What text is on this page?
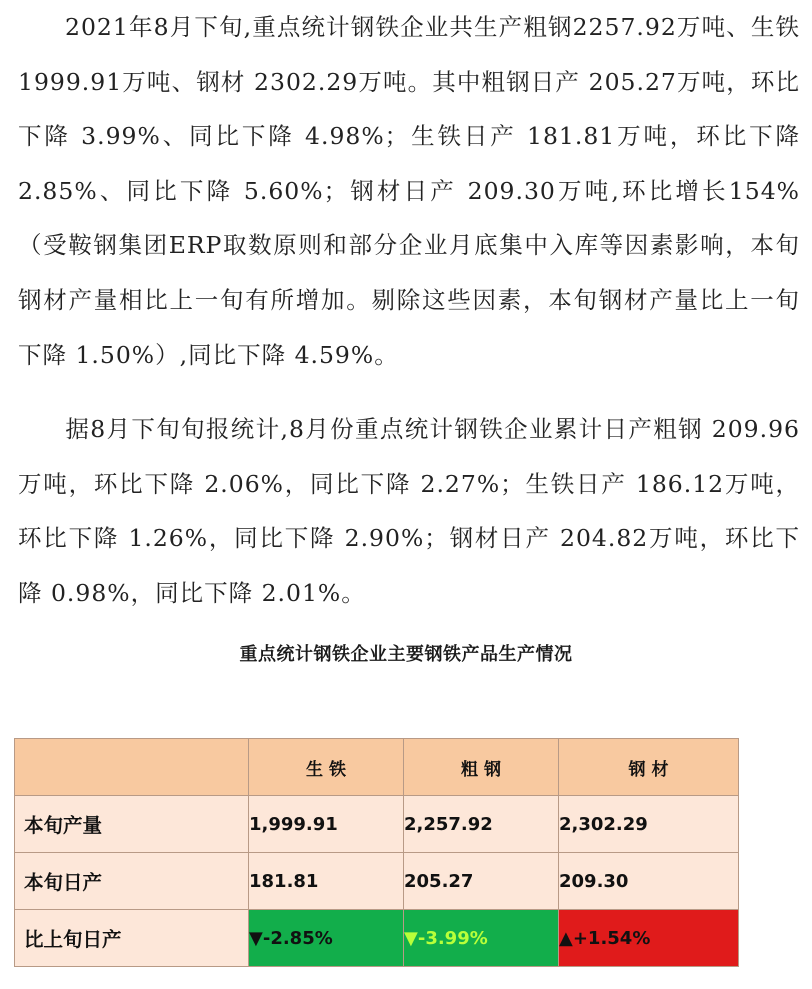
2021年8月下旬,重点统计钢铁企业共生产粗钢2257.92万吨、生铁 1999.91万吨、钢材 2302.29万吨。其中粗钢日产 205.27万吨，环比下降 3.99%、同比下降 4.98%；生铁日产 181.81万吨，环比下降 2.85%、同比下降 5.60%；钢材日产 209.30万吨,环比增长154%（受鞍钢集团ERP取数原则和部分企业月底集中入库等因素影响，本旬钢材产量相比上一旬有所增加。剔除这些因素，本旬钢材产量比上一旬下降 1.50%）,同比下降 4.59%。

据8月下旬旬报统计,8月份重点统计钢铁企业累计日产粗钢 209.96万吨，环比下降 2.06%，同比下降 2.27%；生铁日产 186.12万吨，环比下降 1.26%，同比下降 2.90%；钢材日产 204.82万吨，环比下降 0.98%，同比下降 2.01%。

重点统计钢铁企业主要钢铁产品生产情况
	生 铁	粗 钢	钢 材
本旬产量	1,999.91	2,257.92	2,302.29
本旬日产	181.81	205.27	209.30
比上旬日产	▼-2.85%	▼-3.99%	▲+1.54%
